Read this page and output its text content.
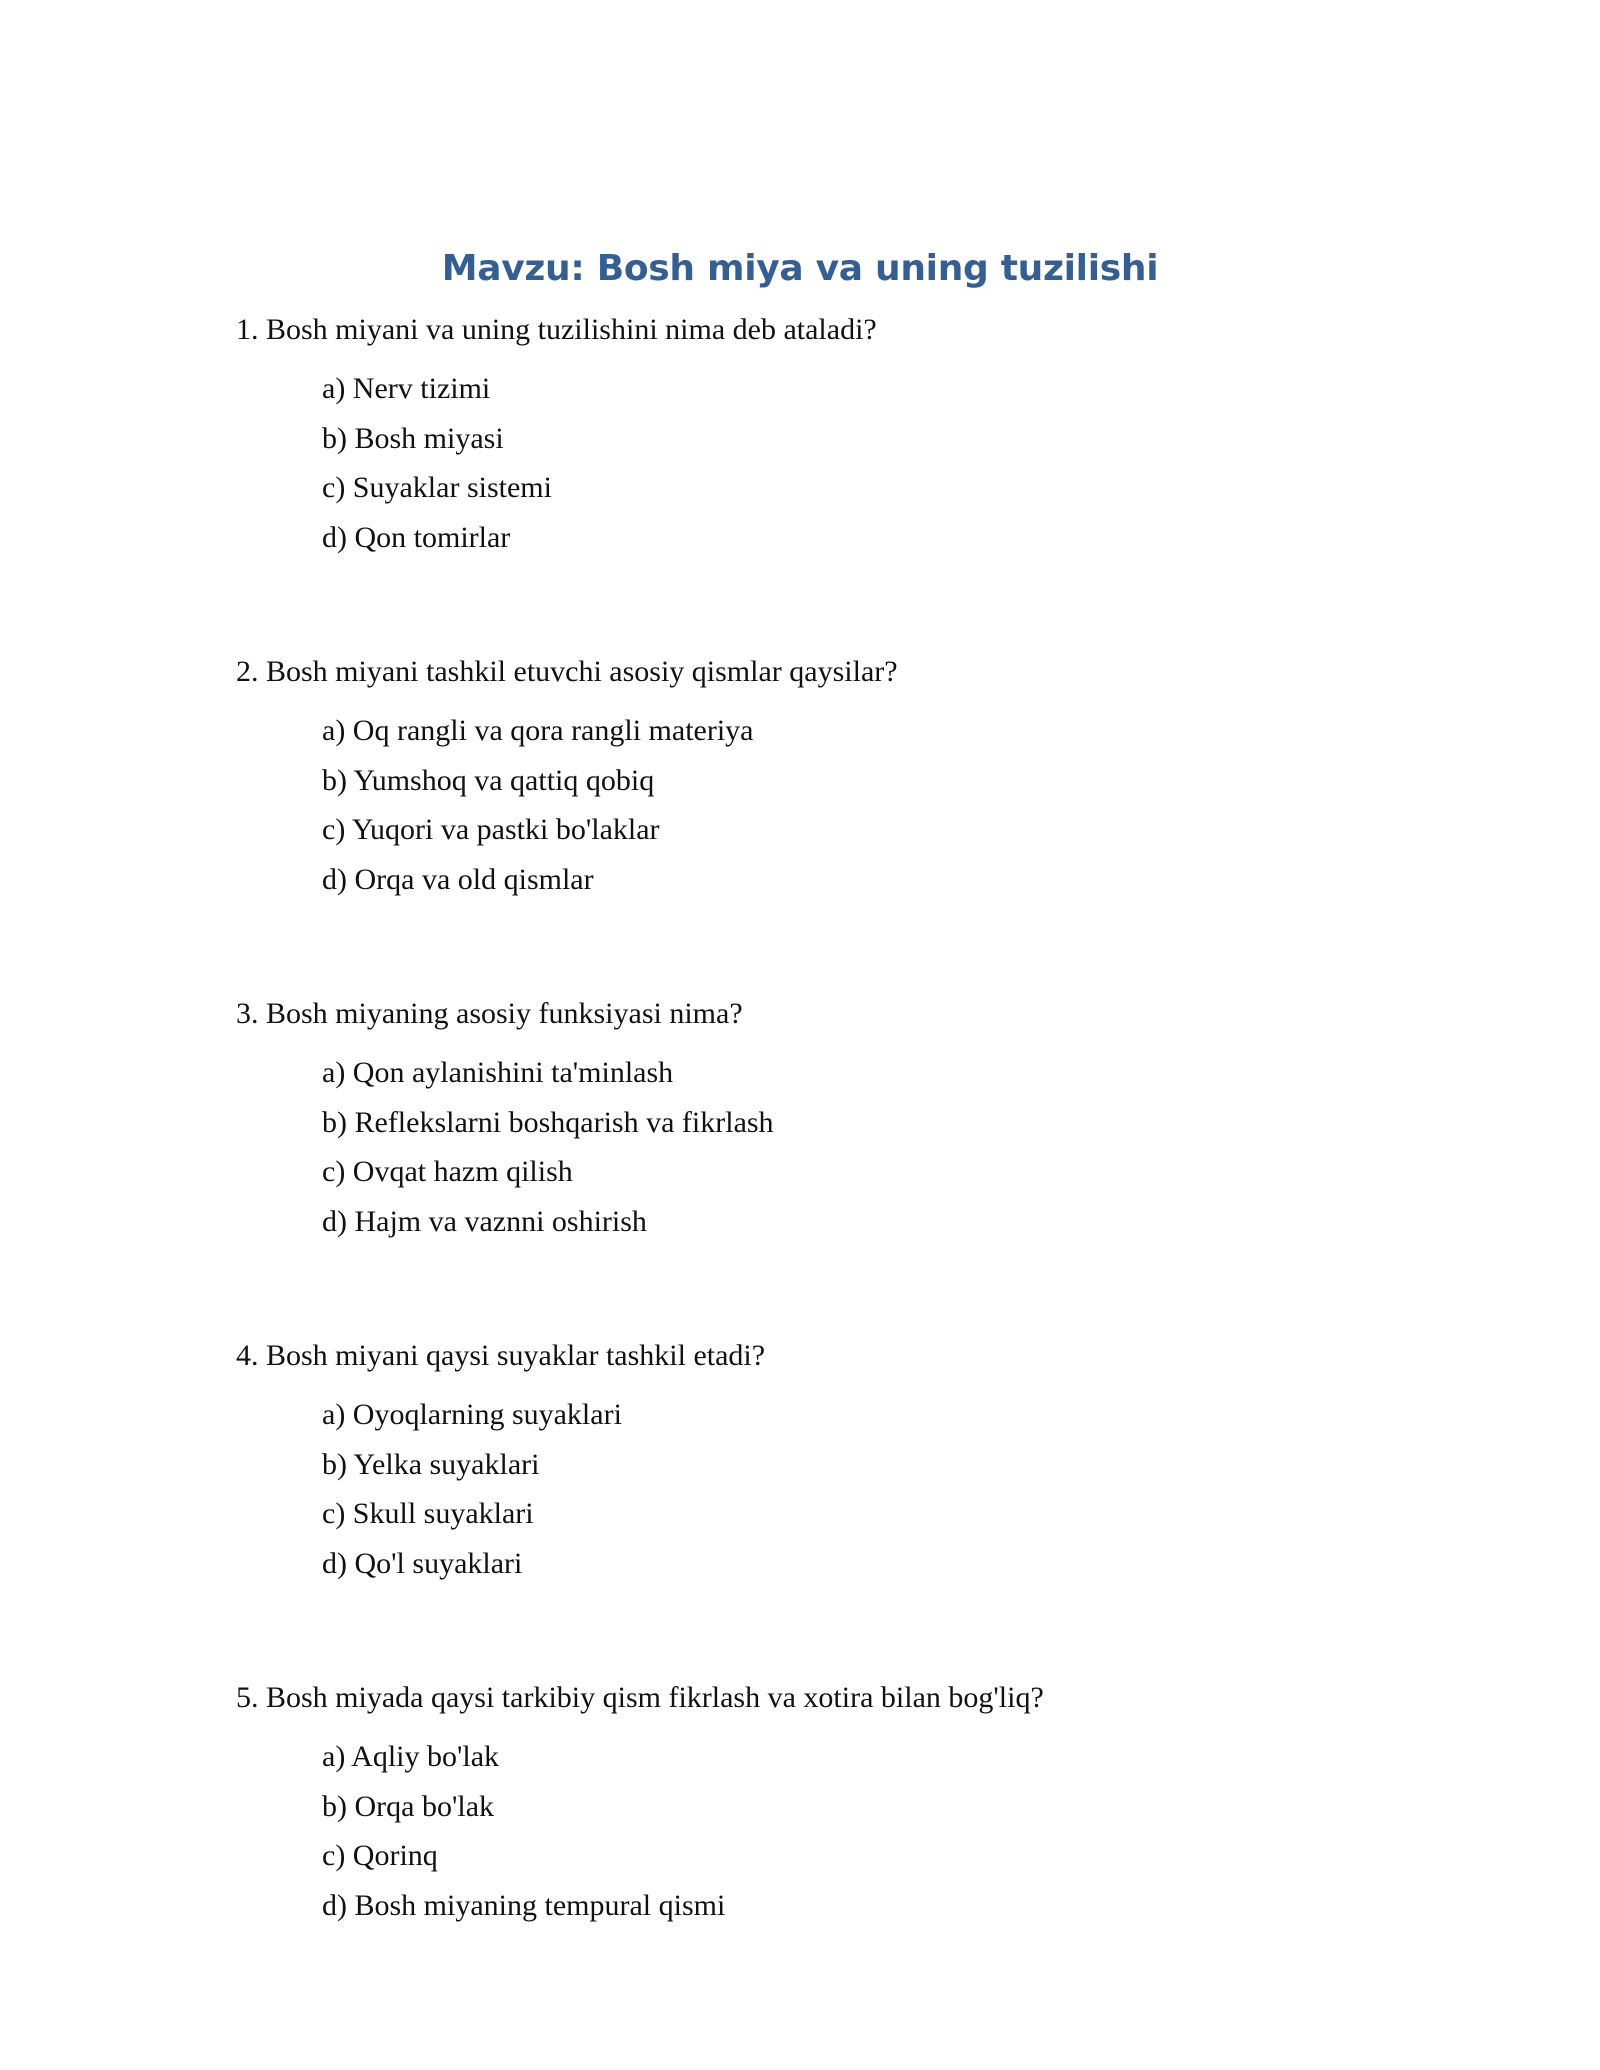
Mavzu: Bosh miya va uning tuzilishi

1. Bosh miyani va uning tuzilishini nima deb ataladi?

a) Nerv tizimi
b) Bosh miyasi
c) Suyaklar sistemi
d) Qon tomirlar

2. Bosh miyani tashkil etuvchi asosiy qismlar qaysilar?

a) Oq rangli va qora rangli materiya
b) Yumshoq va qattiq qobiq
c) Yuqori va pastki bo'laklar
d) Orqa va old qismlar

3. Bosh miyaning asosiy funksiyasi nima?

a) Qon aylanishini ta'minlash
b) Reflekslarni boshqarish va fikrlash
c) Ovqat hazm qilish
d) Hajm va vaznni oshirish

4. Bosh miyani qaysi suyaklar tashkil etadi?

a) Oyoqlarning suyaklari
b) Yelka suyaklari
c) Skull suyaklari
d) Qo'l suyaklari

5. Bosh miyada qaysi tarkibiy qism fikrlash va xotira bilan bog'liq?

a) Aqliy bo'lak
b) Orqa bo'lak
c) Qorinq
d) Bosh miyaning tempural qismi
